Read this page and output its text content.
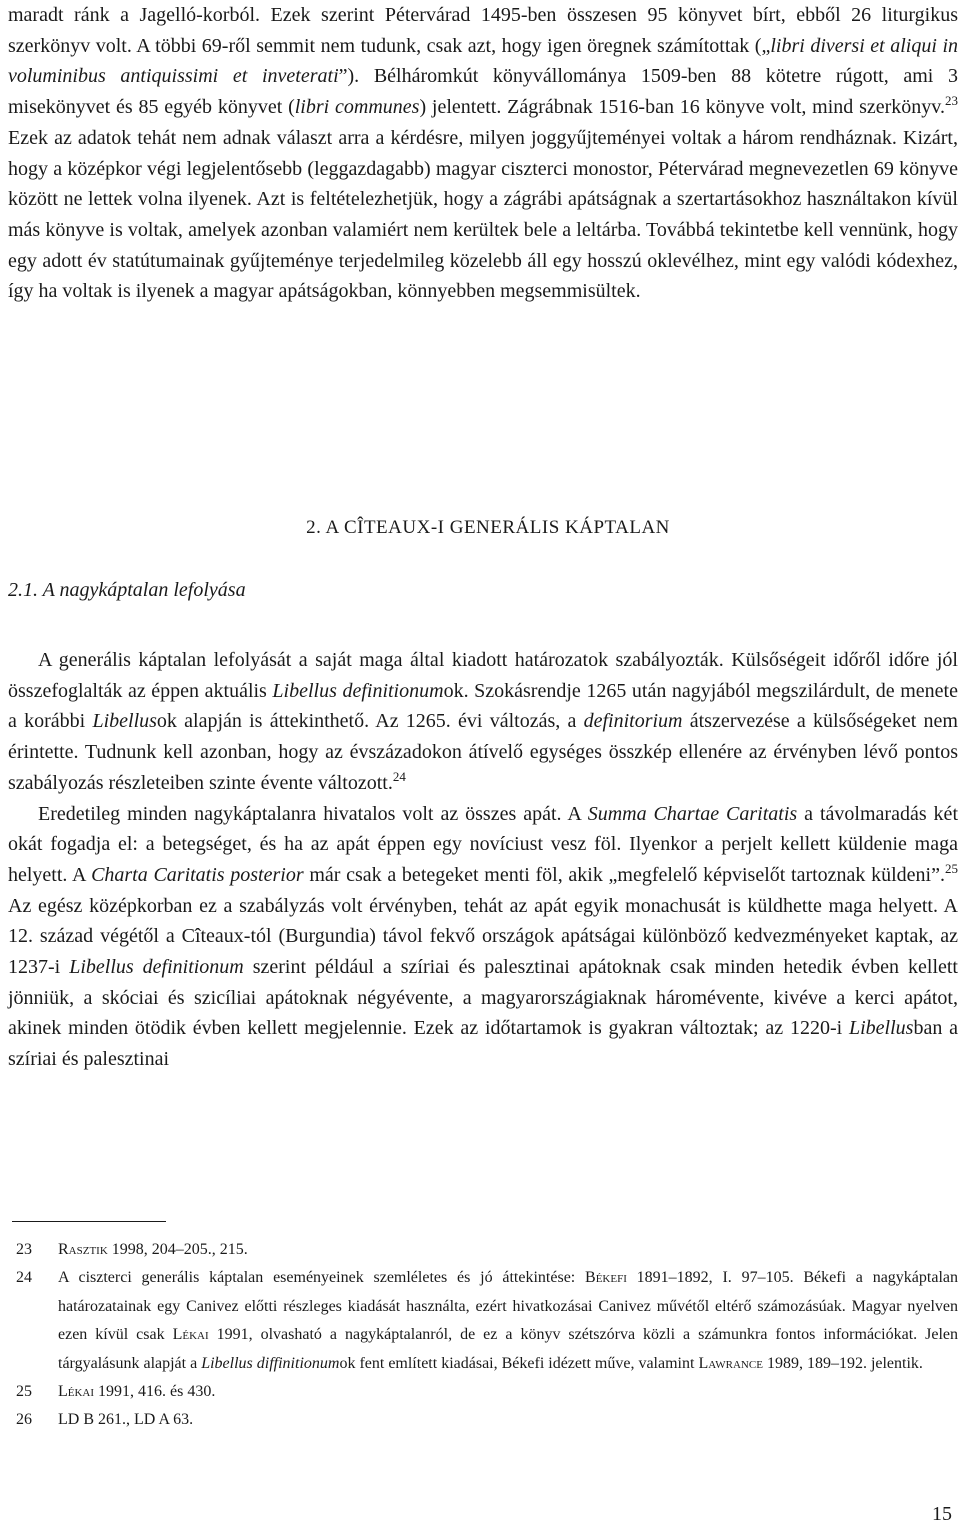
maradt ránk a Jagelló-korból. Ezek szerint Pétervárad 1495-ben összesen 95 könyvet bírt, ebből 26 liturgikus szerkönyv volt. A többi 69-ről semmit nem tudunk, csak azt, hogy igen öregnek számítottak („libri diversi et aliqui in voluminibus antiquissimi et inveterati”). Bélháromkút könyvállománya 1509-ben 88 kötetre rúgott, ami 3 misekönyvet és 85 egyéb könyvet (libri communes) jelentett. Zágrábnak 1516-ban 16 könyve volt, mind szerkönyv.$^{23}$ Ezek az adatok tehát nem adnak választ arra a kérdésre, milyen joggyűjteményei voltak a három rendháznak. Kizárt, hogy a középkor végi legjelentősebb (leggazdagabb) magyar ciszterci monostor, Pétervárad megnevezetlen 69 könyve között ne lettek volna ilyenek. Azt is feltételezhetjük, hogy a zágrábi apátságnak a szertartásokhoz használtakon kívül más könyve is voltak, amelyek azonban valamiért nem kerültek bele a leltárba. Továbbá tekintetbe kell vennünk, hogy egy adott év statútumainak gyűjteménye terjedelmileg közelebb áll egy hosszú oklevélhez, mint egy valódi kódexhez, így ha voltak is ilyenek a magyar apátságokban, könnyebben megsemmisültek.

2. A CÎTEAUX-I GENERÁLIS KÁPTALAN
2.1. A nagykáptalan lefolyása

A generális káptalan lefolyását a saját maga által kiadott határozatok szabályozták. Külsőségeit időről időre jól összefoglalták az éppen aktuális Libellus definitionumok. Szokásrendje 1265 után nagyjából megszilárdult, de menete a korábbi Libellusok alapján is áttekinthető. Az 1265. évi változás, a definitorium átszervezése a külsőségeket nem érintette. Tudnunk kell azonban, hogy az évszázadokon átívelő egységes összkép ellenére az érvényben lévő pontos szabályozás részleteiben szinte évente változott.$^{24}$

Eredetileg minden nagykáptalanra hivatalos volt az összes apát. A Summa Chartae Caritatis a távolmaradás két okát fogadja el: a betegséget, és ha az apát éppen egy novíciust vesz föl. Ilyenkor a perjelt kellett küldenie maga helyett. A Charta Caritatis posterior már csak a betegeket menti föl, akik „megfelelő képviselőt tartoznak küldeni”.$^{25}$ Az egész középkorban ez a szabályzás volt érvényben, tehát az apát egyik monachusát is küldhette maga helyett. A 12. század végétől a Cîteaux-tól (Burgundia) távol fekvő országok apátságai különböző kedvezményeket kaptak, az 1237-i Libellus definitionum szerint például a szíriai és palesztinai apátoknak csak minden hetedik évben kellett jönniük, a skóciai és szicíliai apátoknak négyévente, a magyarországiaknak háromévente, kivéve a kerci apátot, akinek minden ötödik évben kellett megjelennie. Ezek az időtartamok is gyakran változtak; az 1220-i Libellusban a szíriai és palesztinai

23	Rasztik 1998, 204–205., 215.
24	A ciszterci generális káptalan eseményeinek szemléletes és jó áttekintése: Békefi 1891–1892, I. 97–105. Békefi a nagykáptalan határozatainak egy Canivez előtti részleges kiadását használta, ezért hivatkozásai Canivez művétől eltérő számozásúak. Magyar nyelven ezen kívül csak Lékai 1991, olvasható a nagykáptalanról, de ez a könyv szétszórva közli a számunkra fontos információkat. Jelen tárgyalásunk alapját a Libellus diffinitionumok fent említett kiadásai, Békefi idézett műve, valamint Lawrance 1989, 189–192. jelentik.
25	Lékai 1991, 416. és 430.
26	LD B 261., LD A 63.

15
